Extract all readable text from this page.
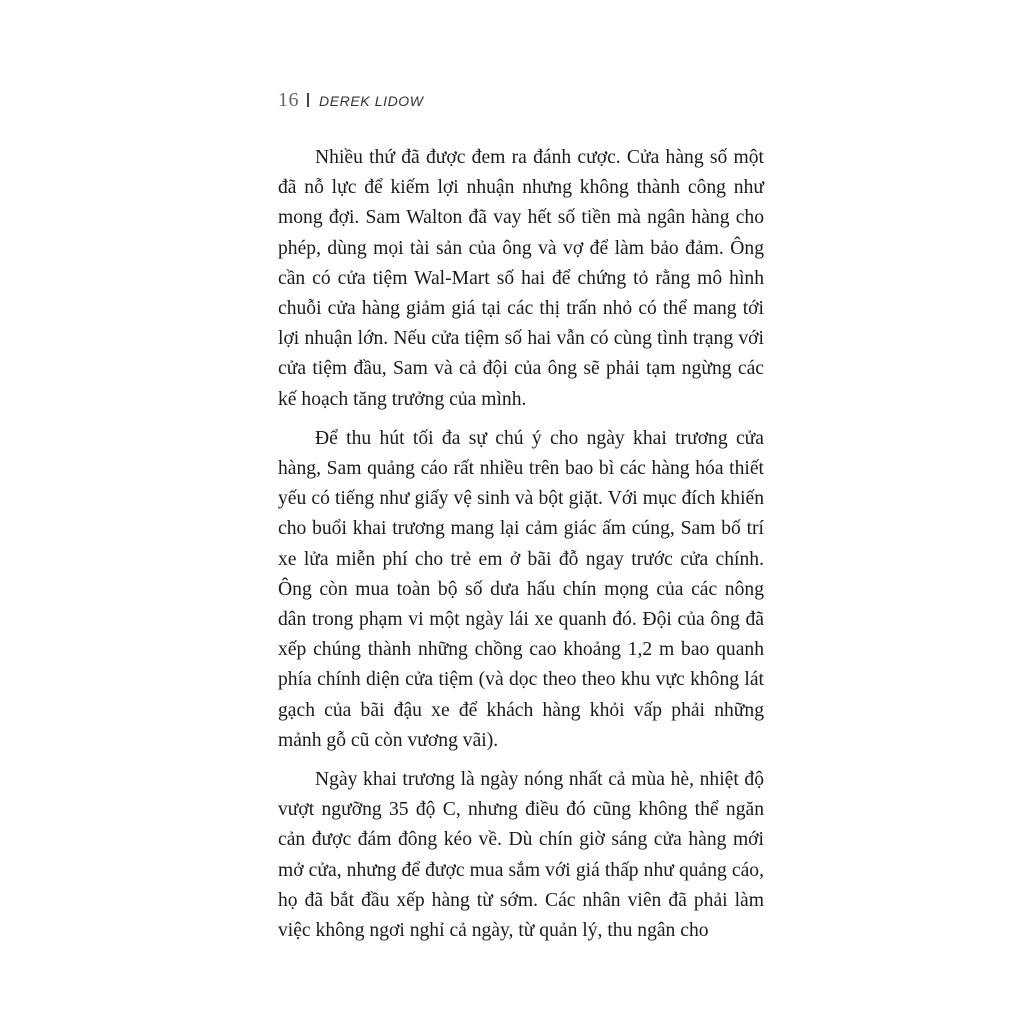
16 DEREK LIDOW

Nhiều thứ đã được đem ra đánh cược. Cửa hàng số một đã nỗ lực để kiếm lợi nhuận nhưng không thành công như mong đợi. Sam Walton đã vay hết số tiền mà ngân hàng cho phép, dùng mọi tài sản của ông và vợ để làm bảo đảm. Ông cần có cửa tiệm Wal-Mart số hai để chứng tỏ rằng mô hình chuỗi cửa hàng giảm giá tại các thị trấn nhỏ có thể mang tới lợi nhuận lớn. Nếu cửa tiệm số hai vẫn có cùng tình trạng với cửa tiệm đầu, Sam và cả đội của ông sẽ phải tạm ngừng các kế hoạch tăng trưởng của mình.

Để thu hút tối đa sự chú ý cho ngày khai trương cửa hàng, Sam quảng cáo rất nhiều trên bao bì các hàng hóa thiết yếu có tiếng như giấy vệ sinh và bột giặt. Với mục đích khiến cho buổi khai trương mang lại cảm giác ấm cúng, Sam bố trí xe lửa miễn phí cho trẻ em ở bãi đỗ ngay trước cửa chính. Ông còn mua toàn bộ số dưa hấu chín mọng của các nông dân trong phạm vi một ngày lái xe quanh đó. Đội của ông đã xếp chúng thành những chồng cao khoảng 1,2 m bao quanh phía chính diện cửa tiệm (và dọc theo theo khu vực không lát gạch của bãi đậu xe để khách hàng khỏi vấp phải những mảnh gỗ cũ còn vương vãi).

Ngày khai trương là ngày nóng nhất cả mùa hè, nhiệt độ vượt ngưỡng 35 độ C, nhưng điều đó cũng không thể ngăn cản được đám đông kéo về. Dù chín giờ sáng cửa hàng mới mở cửa, nhưng để được mua sắm với giá thấp như quảng cáo, họ đã bắt đầu xếp hàng từ sớm. Các nhân viên đã phải làm việc không ngơi nghỉ cả ngày, từ quản lý, thu ngân cho
